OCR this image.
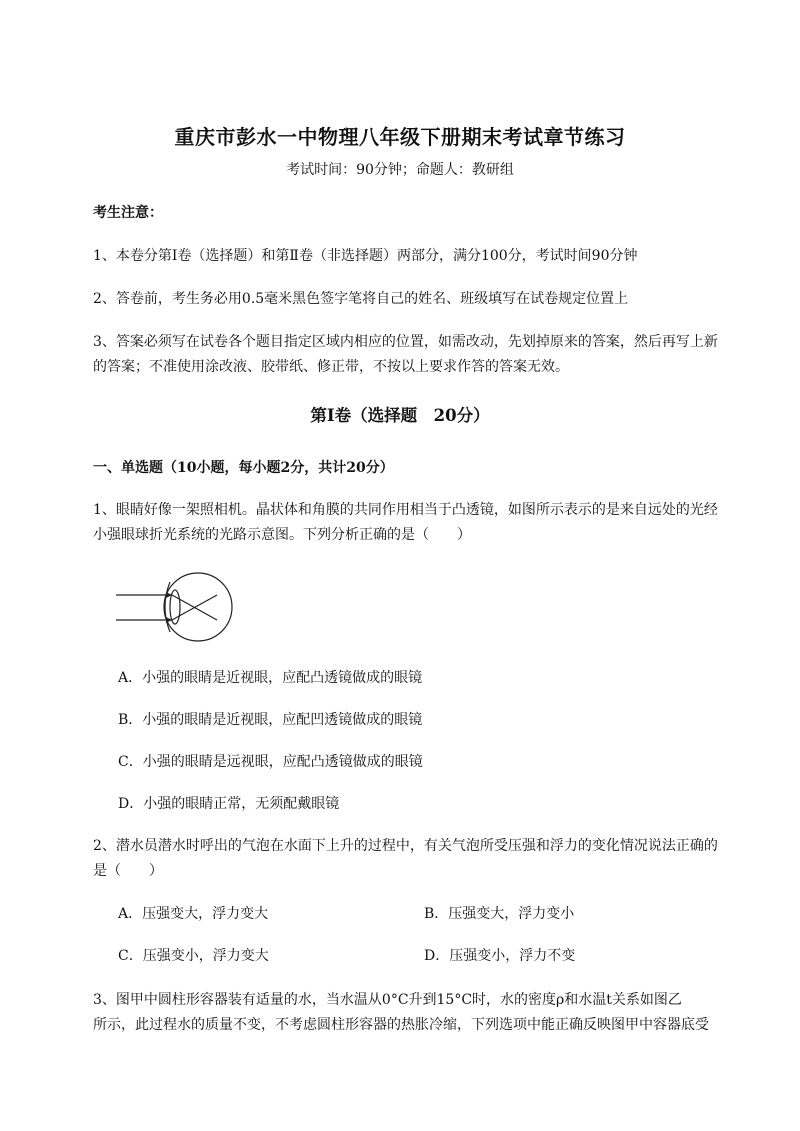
重庆市彭水一中物理八年级下册期末考试章节练习
考试时间：90分钟；命题人：教研组
考生注意：
1、本卷分第Ⅰ卷（选择题）和第Ⅱ卷（非选择题）两部分，满分100分，考试时间90分钟
2、答卷前，考生务必用0.5毫米黑色签字笔将自己的姓名、班级填写在试卷规定位置上
3、答案必须写在试卷各个题目指定区域内相应的位置，如需改动，先划掉原来的答案，然后再写上新
的答案；不准使用涂改液、胶带纸、修正带，不按以上要求作答的答案无效。
第Ⅰ卷（选择题　20分）
一、单选题（10小题，每小题2分，共计20分）
1、眼睛好像一架照相机。晶状体和角膜的共同作用相当于凸透镜，如图所示表示的是来自远处的光经
小强眼球折光系统的光路示意图。下列分析正确的是（　　）
A．小强的眼睛是近视眼，应配凸透镜做成的眼镜
B．小强的眼睛是近视眼，应配凹透镜做成的眼镜
C．小强的眼睛是远视眼，应配凸透镜做成的眼镜
D．小强的眼睛正常，无须配戴眼镜
2、潜水员潜水时呼出的气泡在水面下上升的过程中，有关气泡所受压强和浮力的变化情况说法正确的
是（　　）
A．压强变大，浮力变大	B．压强变大，浮力变小
C．压强变小，浮力变大	D．压强变小，浮力不变
3、图甲中圆柱形容器装有适量的水，当水温从0°C升到15°C时，水的密度ρ和水温t关系如图乙
所示，此过程水的质量不变，不考虑圆柱形容器的热胀冷缩，下列选项中能正确反映图甲中容器底受
